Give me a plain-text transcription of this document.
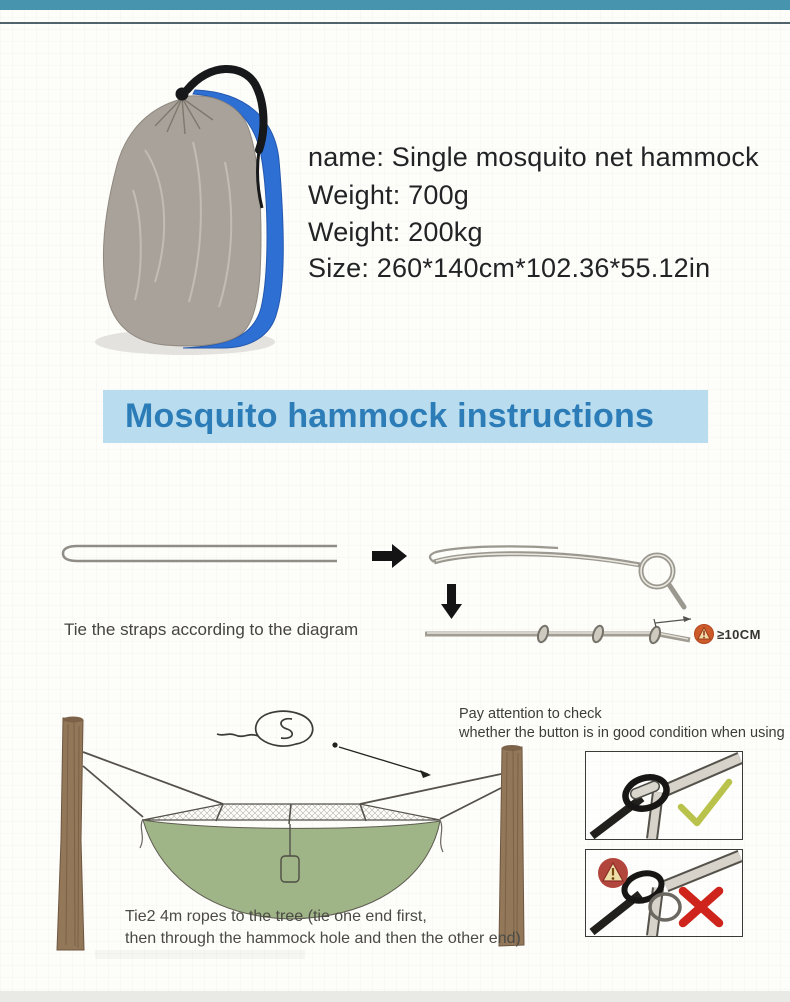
name: Single mosquito net hammock
Weight: 700g
Weight: 200kg
Size: 260*140cm*102.36*55.12in
Mosquito hammock instructions
Tie the straps according to the diagram	≥10CM
Tie2 4m ropes to the tree (tie one end first,
then through the hammock hole and then the other end)
Pay attention to check
whether the button is in good condition when using
